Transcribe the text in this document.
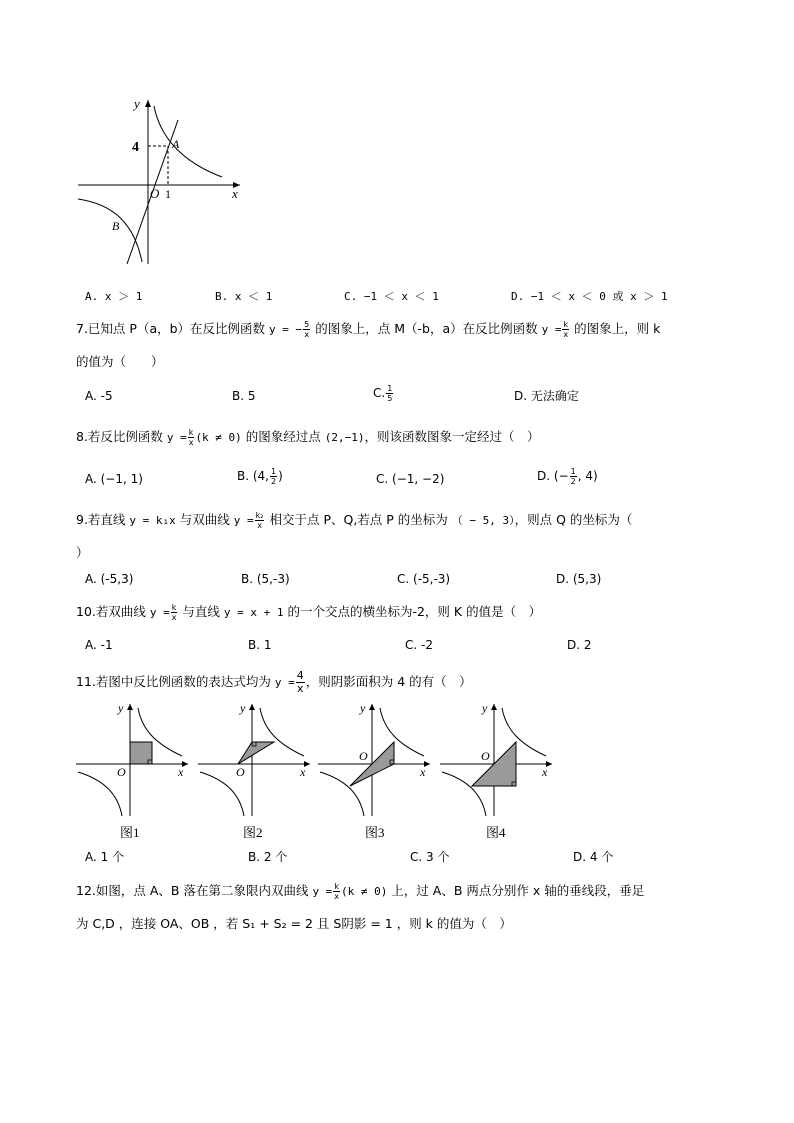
y
x
O 1
4	A
B
A. x ＞ 1	B. x ＜ 1	C. −1 ＜ x ＜ 1	D. −1 ＜ x ＜ 0 或 x ＞ 1
7.已知点 P（a，b）在反比例函数 y = − $\frac{5}{x}$ 的图象上，点 M（-b，a）在反比例函数 $y = \frac{k}{x}$ 的图象上，则 k
的值为（　　）
A. -5	B. 5	C. $\frac{1}{5}$	D. 无法确定
8.若反比例函数 $y = \frac{k}{x} (k \ne 0)$ 的图象经过点 (2,−1)，则该函数图象一定经过（　）
A. (−1, 1)	B. (4, $\frac{1}{2}$ )	C. (−1, −2)	D. (− $\frac{1}{2}$ , 4)
9.若直线 y = k₁x 与双曲线 $y = \frac{\text{k₂}}{x}$ 相交于点 P、Q,若点 P 的坐标为 （ − 5, 3），则点 Q 的坐标为（
）
A. (-5,3)	B. (5,-3)	C. (-5,-3)	D. (5,3)
10.若双曲线 $y = \frac{k}{x}$ 与直线 y = x + 1 的一个交点的横坐标为-2，则 K 的值是（　）
A. -1	B. 1	C. -2	D. 2
11.若图中反比例函数的表达式均为 $y = \frac{4}{x}$ ，则阴影面积为 4 的有（　）
y
x
O
图1
y
x
O
图2
y
x
O
图3
y
x
O
图4
A. 1 个	B. 2 个	C. 3 个	D. 4 个
12.如图，点 A、B 落在第二象限内双曲线 $y = \frac{k}{x} (k \ne 0)$ 上，过 A、B 两点分别作 x 轴的垂线段，垂足
为 C,D ，连接 OA、OB ，若 S₁ + S₂ = 2 且 S阴影 = 1 ，则 k 的值为（　）
